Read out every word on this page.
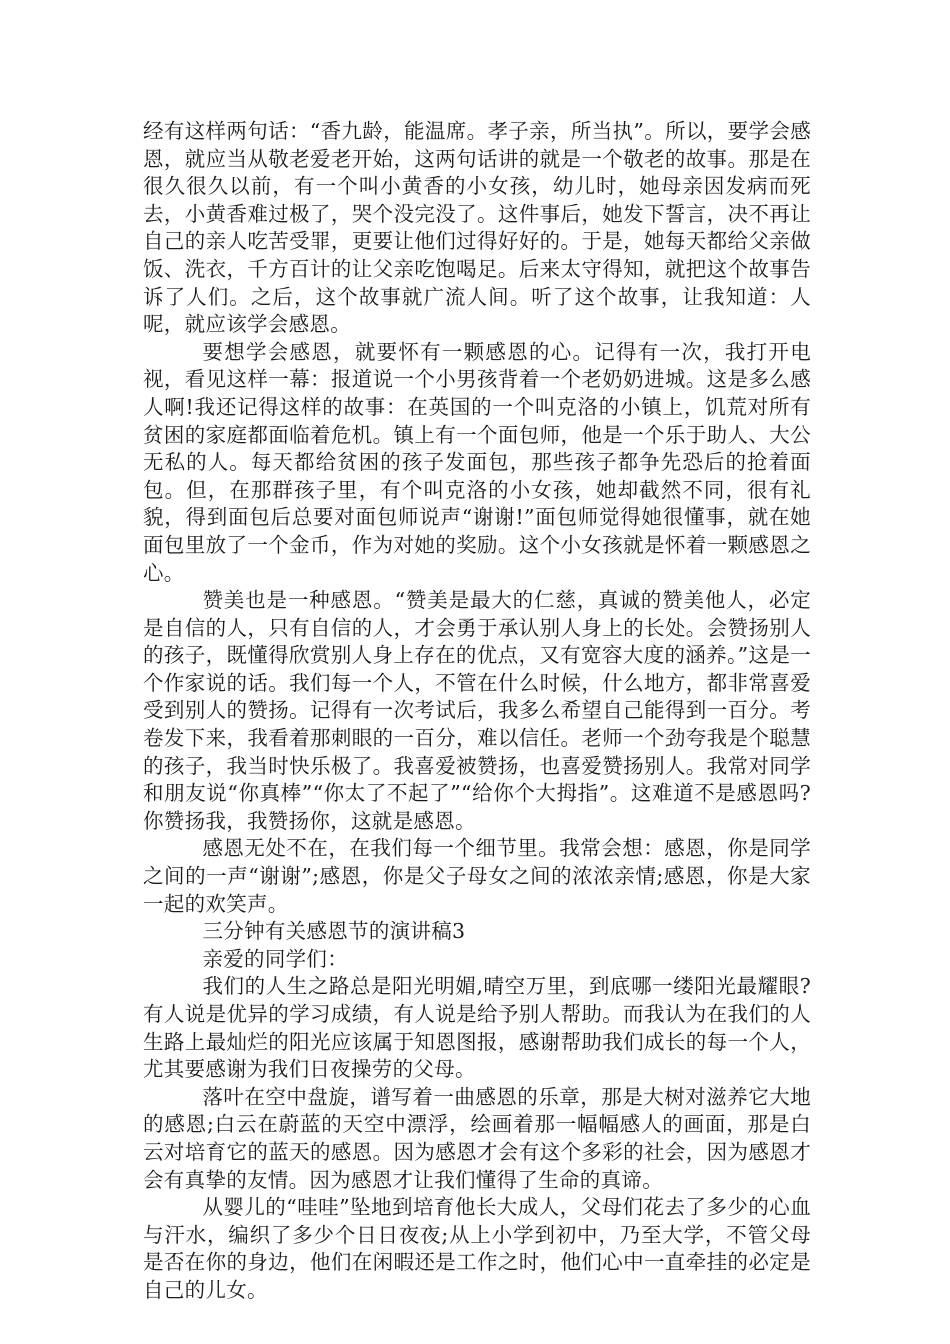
经有这样两句话：“香九龄，能温席。孝子亲，所当执”。所以，要学会感恩，就应当从敬老爱老开始，这两句话讲的就是一个敬老的故事。那是在很久很久以前，有一个叫小黄香的小女孩，幼儿时，她母亲因发病而死去，小黄香难过极了，哭个没完没了。这件事后，她发下誓言，决不再让自己的亲人吃苦受罪，更要让他们过得好好的。于是，她每天都给父亲做饭、洗衣，千方百计的让父亲吃饱喝足。后来太守得知，就把这个故事告诉了人们。之后，这个故事就广流人间。听了这个故事，让我知道：人呢，就应该学会感恩。

要想学会感恩，就要怀有一颗感恩的心。记得有一次，我打开电视，看见这样一幕：报道说一个小男孩背着一个老奶奶进城。这是多么感人啊!我还记得这样的故事：在英国的一个叫克洛的小镇上，饥荒对所有贫困的家庭都面临着危机。镇上有一个面包师，他是一个乐于助人、大公无私的人。每天都给贫困的孩子发面包，那些孩子都争先恐后的抢着面包。但，在那群孩子里，有个叫克洛的小女孩，她却截然不同，很有礼貌，得到面包后总要对面包师说声“谢谢!”面包师觉得她很懂事，就在她面包里放了一个金币，作为对她的奖励。这个小女孩就是怀着一颗感恩之心。

赞美也是一种感恩。“赞美是最大的仁慈，真诚的赞美他人，必定是自信的人，只有自信的人，才会勇于承认别人身上的长处。会赞扬别人的孩子，既懂得欣赏别人身上存在的优点，又有宽容大度的涵养。”这是一个作家说的话。我们每一个人，不管在什么时候，什么地方，都非常喜爱受到别人的赞扬。记得有一次考试后，我多么希望自己能得到一百分。考卷发下来，我看着那刺眼的一百分，难以信任。老师一个劲夸我是个聪慧的孩子，我当时快乐极了。我喜爱被赞扬，也喜爱赞扬别人。我常对同学和朋友说“你真棒”“你太了不起了”“给你个大拇指”。这难道不是感恩吗?你赞扬我，我赞扬你，这就是感恩。

感恩无处不在，在我们每一个细节里。我常会想：感恩，你是同学之间的一声“谢谢”;感恩，你是父子母女之间的浓浓亲情;感恩，你是大家一起的欢笑声。

三分钟有关感恩节的演讲稿3

亲爱的同学们：

我们的人生之路总是阳光明媚,晴空万里，到底哪一缕阳光最耀眼?有人说是优异的学习成绩，有人说是给予别人帮助。而我认为在我们的人生路上最灿烂的阳光应该属于知恩图报，感谢帮助我们成长的每一个人，尤其要感谢为我们日夜操劳的父母。

落叶在空中盘旋，谱写着一曲感恩的乐章，那是大树对滋养它大地的感恩;白云在蔚蓝的天空中漂浮，绘画着那一幅幅感人的画面，那是白云对培育它的蓝天的感恩。因为感恩才会有这个多彩的社会，因为感恩才会有真挚的友情。因为感恩才让我们懂得了生命的真谛。

从婴儿的“哇哇”坠地到培育他长大成人，父母们花去了多少的心血与汗水，编织了多少个日日夜夜;从上小学到初中，乃至大学，不管父母是否在你的身边，他们在闲暇还是工作之时，他们心中一直牵挂的必定是自己的儿女。
